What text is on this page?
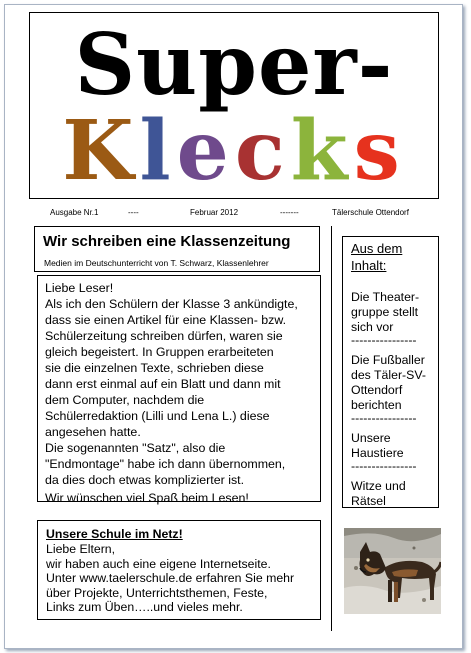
Super-
Klecks
Ausgabe Nr.1	----	Februar 2012	-------	Tälerschule Ottendorf
Wir schreiben eine Klassenzeitung
Medien im Deutschunterricht von T. Schwarz, Klassenlehrer

Liebe Leser!

Als ich den Schülern der Klasse 3 ankündigte,

dass sie einen Artikel für eine Klassen- bzw.

Schülerzeitung schreiben dürfen, waren sie

gleich begeistert. In Gruppen erarbeiteten

sie die einzelnen Texte, schrieben diese

dann erst einmal auf ein Blatt und dann mit

dem Computer, nachdem die

Schülerredaktion (Lilli und Lena L.) diese

angesehen hatte.

Die sogenannten "Satz", also die

"Endmontage" habe ich dann übernommen,

da dies doch etwas komplizierter ist.

Wir wünschen viel Spaß beim Lesen!

Unsere Schule im Netz!

Liebe Eltern,

wir haben auch eine eigene Internetseite.

Unter www.taelerschule.de erfahren Sie mehr

über Projekte, Unterrichtsthemen, Feste,

Links zum Üben…..und vieles mehr.

Aus dem Inhalt:
Die Theater-gruppe stellt sich vor
----------------
Die Fußballer des Täler-SV-Ottendorf berichten
----------------
Unsere Haustiere
----------------
Witze und Rätsel
